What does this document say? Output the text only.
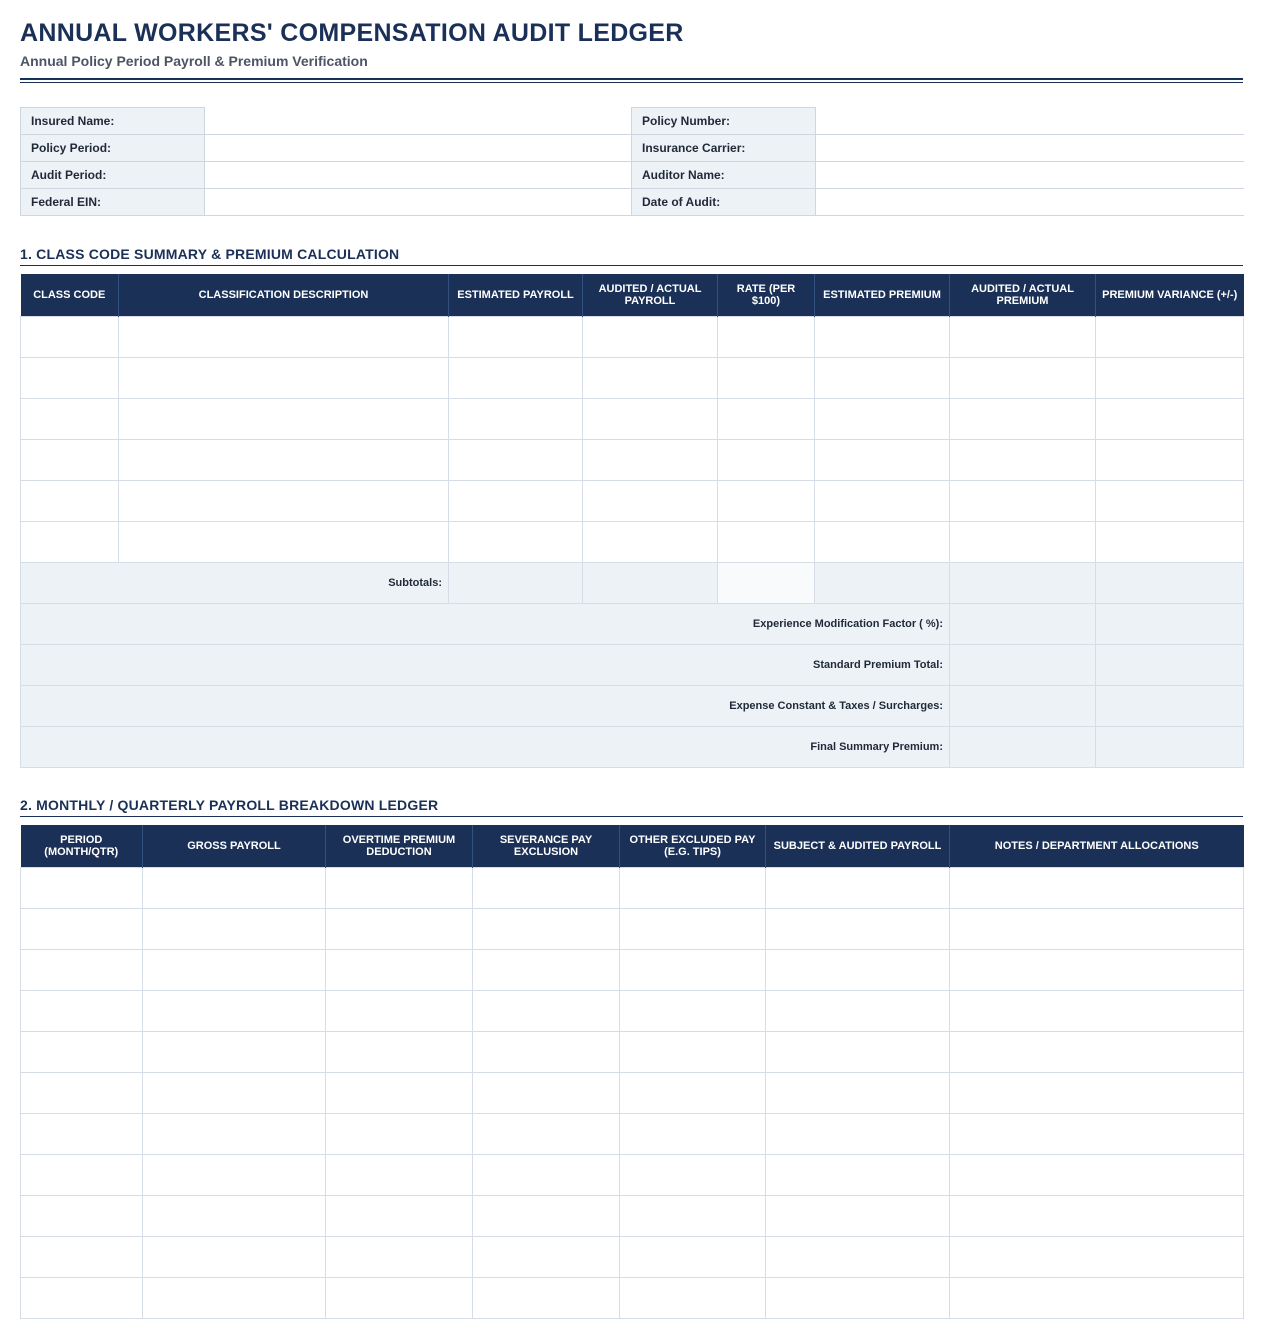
ANNUAL WORKERS' COMPENSATION AUDIT LEDGER
Annual Policy Period Payroll & Premium Verification
Insured Name:		Policy Number:	
Policy Period:		Insurance Carrier:	
Audit Period:		Auditor Name:	
Federal EIN:		Date of Audit:	
1. CLASS CODE SUMMARY & PREMIUM CALCULATION
CLASS CODE	CLASSIFICATION DESCRIPTION	ESTIMATED PAYROLL	AUDITED / ACTUAL PAYROLL	RATE (PER $100)	ESTIMATED PREMIUM	AUDITED / ACTUAL PREMIUM	PREMIUM VARIANCE (+/-)

Subtotals:							
Experience Modification Factor ( %):							
Standard Premium Total:							
Expense Constant & Taxes / Surcharges:							
Final Summary Premium:							
2. MONTHLY / QUARTERLY PAYROLL BREAKDOWN LEDGER
PERIOD (MONTH/QTR)	GROSS PAYROLL	OVERTIME PREMIUM DEDUCTION	SEVERANCE PAY EXCLUSION	OTHER EXCLUDED PAY (E.G. TIPS)	SUBJECT & AUDITED PAYROLL	NOTES / DEPARTMENT ALLOCATIONS
